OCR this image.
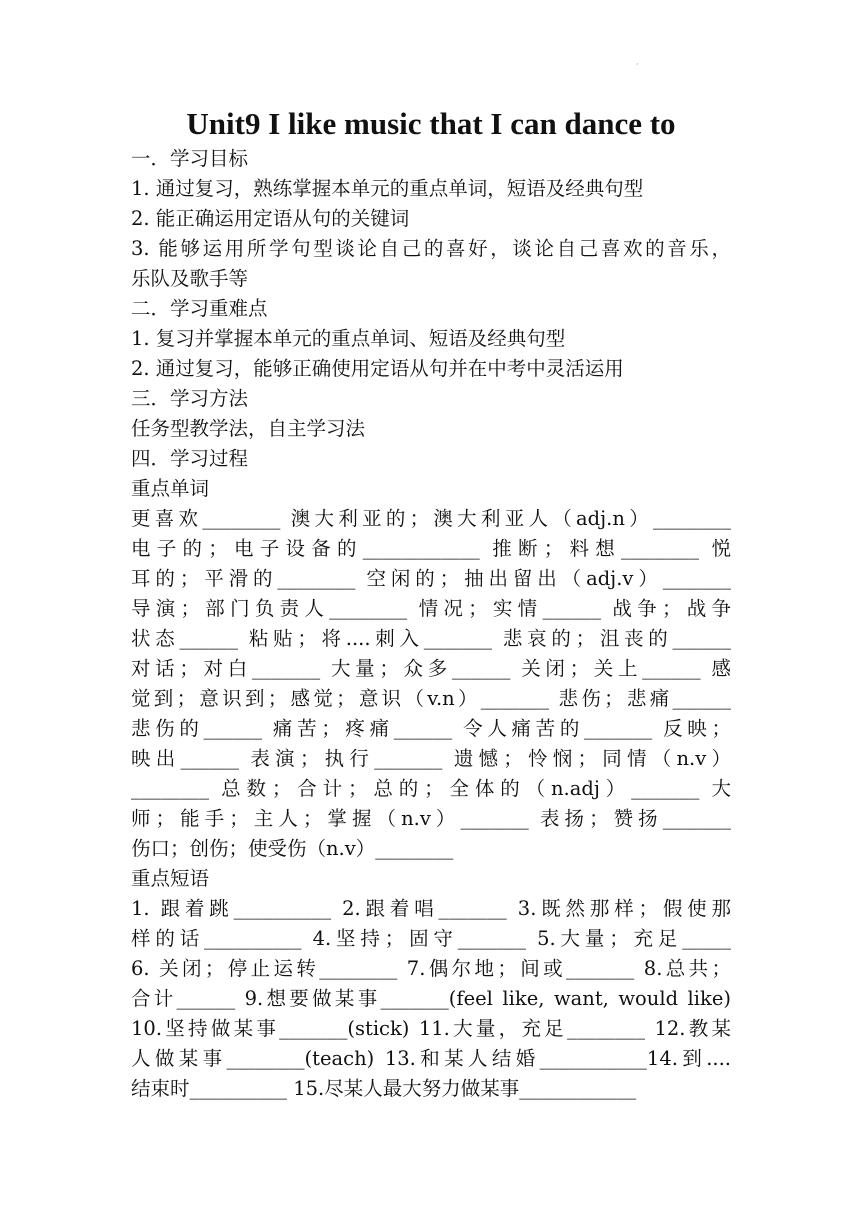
·
Unit9 I like music that I can dance to
一．学习目标
1. 通过复习，熟练掌握本单元的重点单词，短语及经典句型
2. 能正确运用定语从句的关键词
3. 能够运用所学句型谈论自己的喜好，谈论自己喜欢的音乐，
乐队及歌手等
二．学习重难点
1. 复习并掌握本单元的重点单词、短语及经典句型
2. 通过复习，能够正确使用定语从句并在中考中灵活运用
三．学习方法
任务型教学法，自主学习法
四．学习过程
重点单词
更喜欢________ 澳大利亚的；澳大利亚人（adj.n）________
电子的；电子设备的____________ 推断；料想________ 悦
耳的；平滑的________ 空闲的；抽出留出（adj.v）_______
导演；部门负责人________ 情况；实情______ 战争；战争
状态______ 粘贴；将....刺入_______ 悲哀的；沮丧的______
对话；对白_______ 大量；众多______ 关闭；关上______ 感
觉到；意识到；感觉；意识（v.n）_______ 悲伤；悲痛______
悲伤的______ 痛苦；疼痛______ 令人痛苦的_______ 反映；
映出______ 表演；执行_______ 遗憾；怜悯；同情（n.v）
________ 总数；合计；总的；全体的（n.adj）_______ 大
师；能手；主人；掌握（n.v）_______ 表扬；赞扬_______
伤口；创伤；使受伤（n.v）________
重点短语
1. 跟着跳__________ 2.跟着唱_______ 3.既然那样；假使那
样的话__________ 4.坚持；固守_______ 5.大量；充足_____
6. 关闭；停止运转________ 7.偶尔地；间或_______ 8.总共；
合计______ 9.想要做某事_______(feel like, want, would like)
10.坚持做某事_______(stick) 11.大量，充足________ 12.教某
人做某事________(teach) 13.和某人结婚___________14.到....
结束时__________ 15.尽某人最大努力做某事____________
